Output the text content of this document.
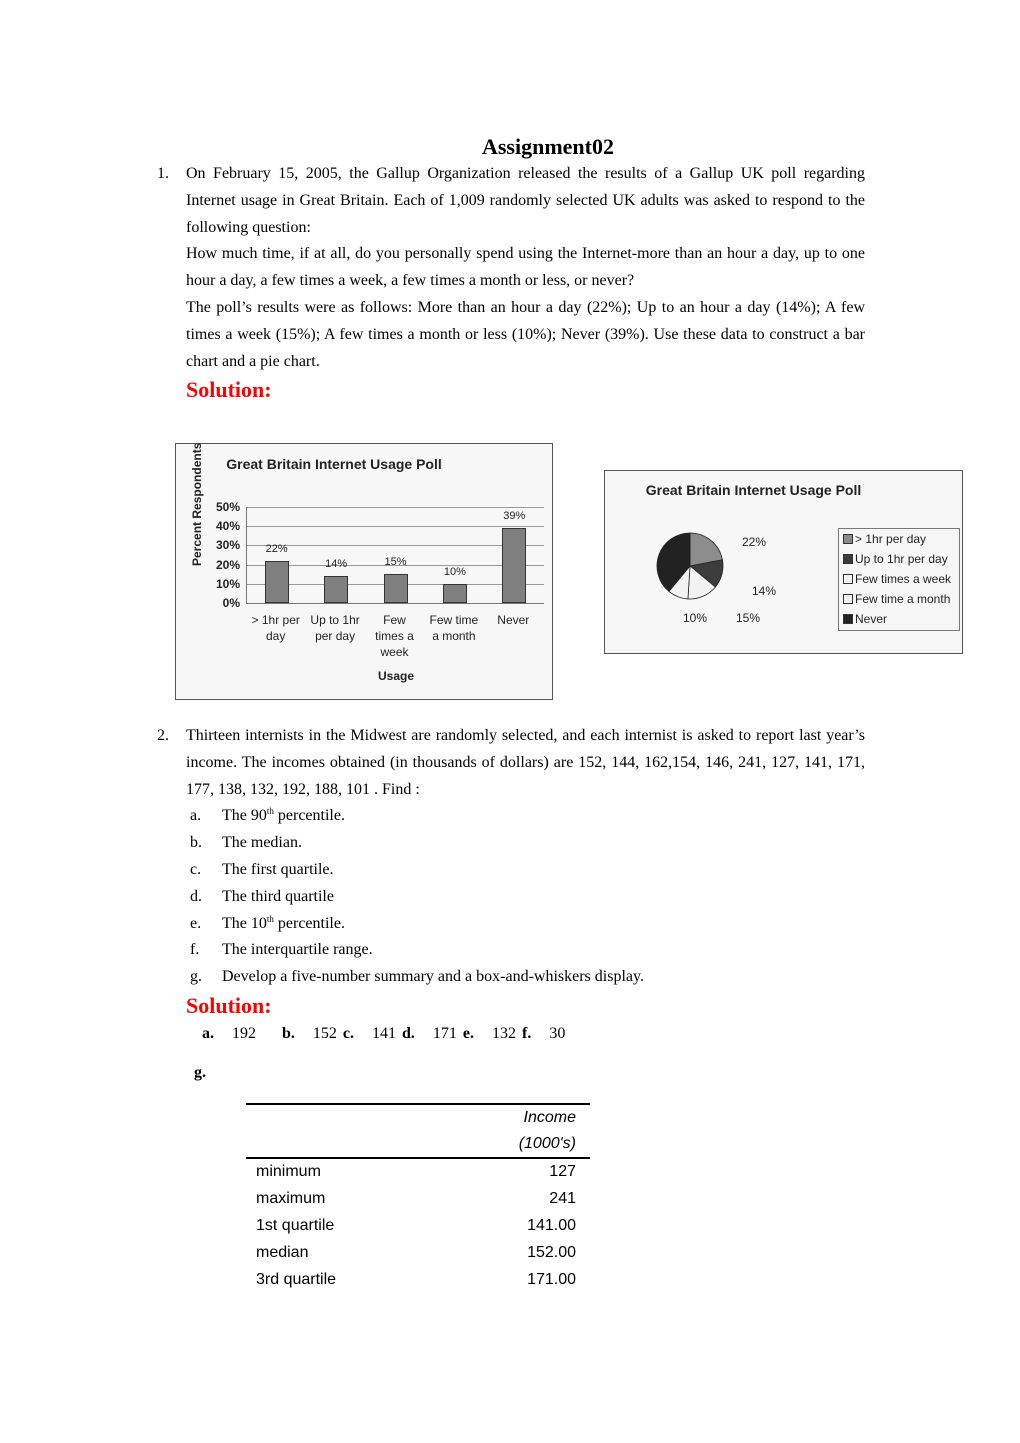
Assignment02
1. On February 15, 2005, the Gallup Organization released the results of a Gallup UK poll regarding Internet usage in Great Britain. Each of 1,009 randomly selected UK adults was asked to respond to the following question:

How much time, if at all, do you personally spend using the Internet-more than an hour a day, up to one hour a day, a few times a week, a few times a month or less, or never?

The poll’s results were as follows: More than an hour a day (22%); Up to an hour a day (14%); A few times a week (15%); A few times a month or less (10%); Never (39%). Use these data to construct a bar chart and a pie chart.

Solution:
Great Britain Internet Usage Poll
Percent Respondents
0%
10%
20%
30%
40%
50%
22%
14%	15%
10%
39%
Usage
> 1hr per
day
Up to 1hr
per day
Few
times a
week
Few time
a month
Never
Great Britain Internet Usage Poll
> 1hr per day
Up to 1hr per day
Few times a week
Few time a month
Never
22%
14%
15%
10%
39%
2. Thirteen internists in the Midwest are randomly selected, and each internist is asked to report last year’s income. The incomes obtained (in thousands of dollars) are 152, 144, 162,154, 146, 241, 127, 141, 171, 177, 138, 132, 192, 188, 101 . Find :

a. The 90th percentile.
b. The median.
c. The first quartile.
d. The third quartile
e. The 10th percentile.
f. The interquartile range.
g. Develop a five-number summary and a box-and-whiskers display.
Solution:
a. 192 b. 152 c. 141 d. 171 e. 132 f. 30
g.
	Income
	(1000's)
minimum	127
maximum	241
1st quartile	141.00
median	152.00
3rd quartile	171.00
